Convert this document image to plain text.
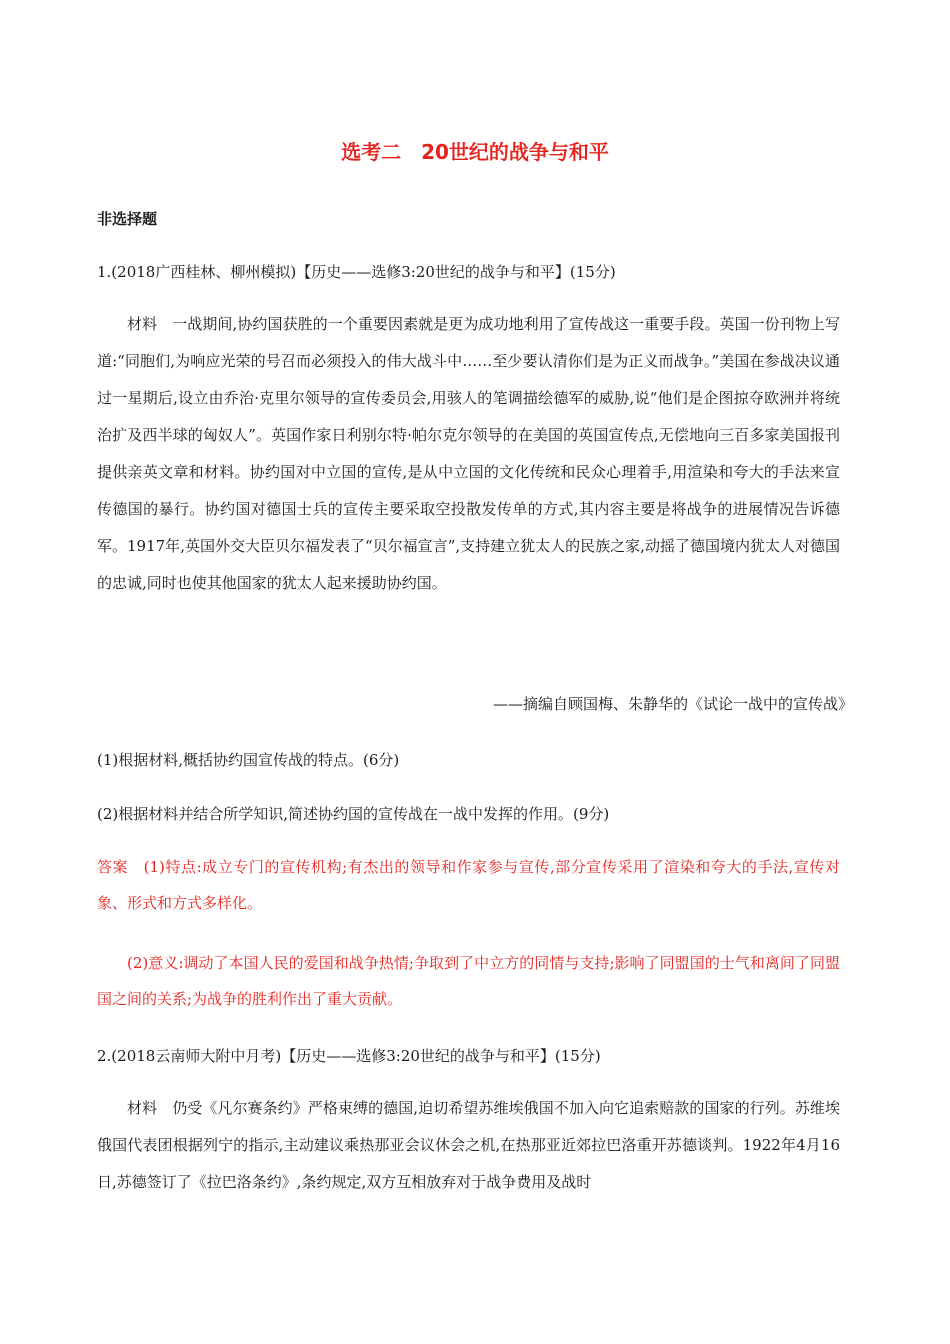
选考二　20世纪的战争与和平
非选择题
1.(2018广西桂林、柳州模拟)【历史——选修3:20世纪的战争与和平】(15分)
材料　一战期间,协约国获胜的一个重要因素就是更为成功地利用了宣传战这一重要手段。英国一份刊物上写道:“同胞们,为响应光荣的号召而必须投入的伟大战斗中……至少要认清你们是为正义而战争。”美国在参战决议通过一星期后,设立由乔治·克里尔领导的宣传委员会,用骇人的笔调描绘德军的威胁,说“他们是企图掠夺欧洲并将统治扩及西半球的匈奴人”。英国作家日利别尔特·帕尔克尔领导的在美国的英国宣传点,无偿地向三百多家美国报刊提供亲英文章和材料。协约国对中立国的宣传,是从中立国的文化传统和民众心理着手,用渲染和夸大的手法来宣传德国的暴行。协约国对德国士兵的宣传主要采取空投散发传单的方式,其内容主要是将战争的进展情况告诉德军。1917年,英国外交大臣贝尔福发表了“贝尔福宣言”,支持建立犹太人的民族之家,动摇了德国境内犹太人对德国的忠诚,同时也使其他国家的犹太人起来援助协约国。
——摘编自顾国梅、朱静华的《试论一战中的宣传战》
(1)根据材料,概括协约国宣传战的特点。(6分)
(2)根据材料并结合所学知识,简述协约国的宣传战在一战中发挥的作用。(9分)
答案　(1)特点:成立专门的宣传机构;有杰出的领导和作家参与宣传,部分宣传采用了渲染和夸大的手法,宣传对象、形式和方式多样化。
(2)意义:调动了本国人民的爱国和战争热情;争取到了中立方的同情与支持;影响了同盟国的士气和离间了同盟国之间的关系;为战争的胜利作出了重大贡献。
2.(2018云南师大附中月考)【历史——选修3:20世纪的战争与和平】(15分)
材料　仍受《凡尔赛条约》严格束缚的德国,迫切希望苏维埃俄国不加入向它追索赔款的国家的行列。苏维埃俄国代表团根据列宁的指示,主动建议乘热那亚会议休会之机,在热那亚近郊拉巴洛重开苏德谈判。1922年4月16日,苏德签订了《拉巴洛条约》,条约规定,双方互相放弃对于战争费用及战时
